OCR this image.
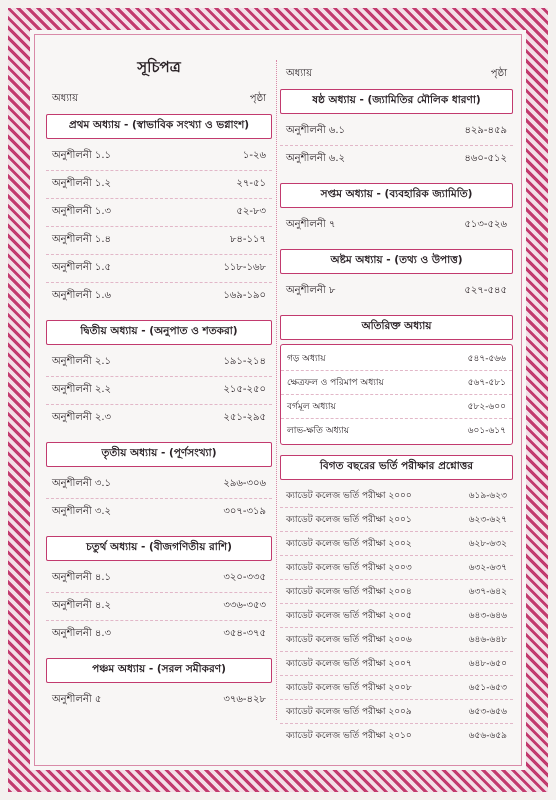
সূচিপত্র
অধ্যায়	পৃষ্ঠা
প্রথম অধ্যায় - (স্বাভাবিক সংখ্যা ও ভগ্নাংশ)
অনুশীলনী ১.১	১-২৬
অনুশীলনী ১.২	২৭-৫১
অনুশীলনী ১.৩	৫২-৮৩
অনুশীলনী ১.৪	৮৪-১১৭
অনুশীলনী ১.৫	১১৮-১৬৮
অনুশীলনী ১.৬	১৬৯-১৯০
দ্বিতীয় অধ্যায় - (অনুপাত ও শতকরা)
অনুশীলনী ২.১	১৯১-২১৪
অনুশীলনী ২.২	২১৫-২৫০
অনুশীলনী ২.৩	২৫১-২৯৫
তৃতীয় অধ্যায় - (পূর্ণসংখ্যা)
অনুশীলনী ৩.১	২৯৬-৩০৬
অনুশীলনী ৩.২	৩০৭-৩১৯
চতুর্থ অধ্যায় - (বীজগণিতীয় রাশি)
অনুশীলনী ৪.১	৩২০-৩৩৫
অনুশীলনী ৪.২	৩৩৬-৩৫৩
অনুশীলনী ৪.৩	৩৫৪-৩৭৫
পঞ্চম অধ্যায় - (সরল সমীকরণ)
অনুশীলনী ৫	৩৭৬-৪২৮
অধ্যায়	পৃষ্ঠা
ষষ্ঠ অধ্যায় - (জ্যামিতির মৌলিক ধারণা)
অনুশীলনী ৬.১	৪২৯-৪৫৯
অনুশীলনী ৬.২	৪৬০-৫১২
সপ্তম অধ্যায় - (ব্যবহারিক জ্যামিতি)
অনুশীলনী ৭	৫১৩-৫২৬
অষ্টম অধ্যায় - (তথ্য ও উপাত্ত)
অনুশীলনী ৮	৫২৭-৫৪৫
অতিরিক্ত অধ্যায়
গড় অধ্যায়	৫৪৭-৫৬৬
ক্ষেত্রফল ও পরিমাপ অধ্যায়	৫৬৭-৫৮১
বর্গমূল অধ্যায়	৫৮২-৬০০
লাভ-ক্ষতি অধ্যায়	৬০১-৬১৭
বিগত বছরের ভর্তি পরীক্ষার প্রশ্নোত্তর
ক্যাডেট কলেজ ভর্তি পরীক্ষা ২০০০	৬১৯-৬২৩
ক্যাডেট কলেজ ভর্তি পরীক্ষা ২০০১	৬২৩-৬২৭
ক্যাডেট কলেজ ভর্তি পরীক্ষা ২০০২	৬২৮-৬৩২
ক্যাডেট কলেজ ভর্তি পরীক্ষা ২০০৩	৬৩২-৬৩৭
ক্যাডেট কলেজ ভর্তি পরীক্ষা ২০০৪	৬৩৭-৬৪২
ক্যাডেট কলেজ ভর্তি পরীক্ষা ২০০৫	৬৪৩-৬৪৬
ক্যাডেট কলেজ ভর্তি পরীক্ষা ২০০৬	৬৪৬-৬৪৮
ক্যাডেট কলেজ ভর্তি পরীক্ষা ২০০৭	৬৪৮-৬৫০
ক্যাডেট কলেজ ভর্তি পরীক্ষা ২০০৮	৬৫১-৬৫৩
ক্যাডেট কলেজ ভর্তি পরীক্ষা ২০০৯	৬৫৩-৬৫৬
ক্যাডেট কলেজ ভর্তি পরীক্ষা ২০১০	৬৫৬-৬৫৯
